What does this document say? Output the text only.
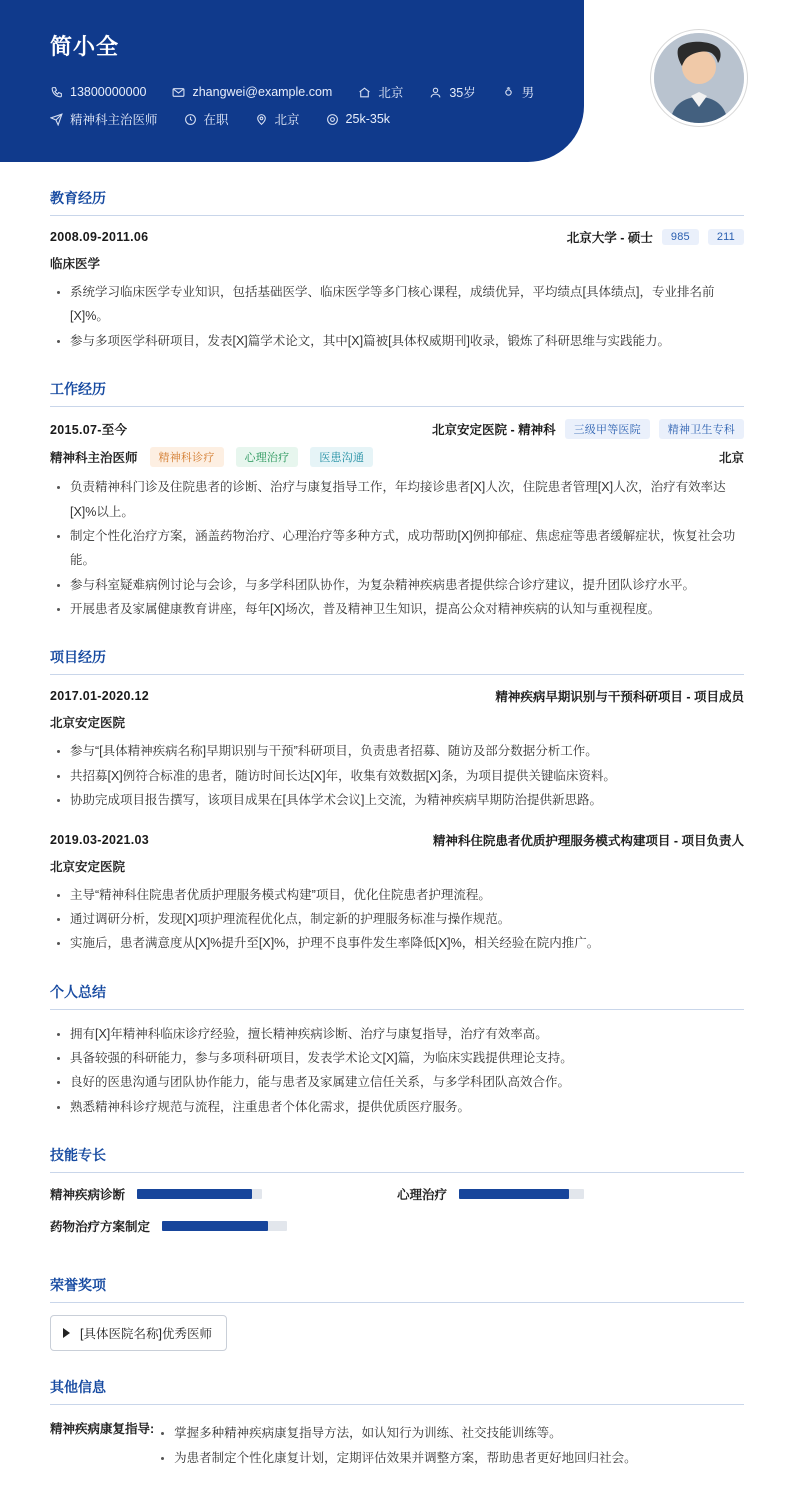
简小全
13800000000	zhangwei@example.com	北京	35岁	男
精神科主治医师	在职	北京	25k-35k
教育经历
2008.09-2011.06	北京大学 - 硕士	985	211
临床医学
系统学习临床医学专业知识，包括基础医学、临床医学等多门核心课程，成绩优异，平均绩点[具体绩点]，专业排名前[X]%。
参与多项医学科研项目，发表[X]篇学术论文，其中[X]篇被[具体权威期刊]收录，锻炼了科研思维与实践能力。
工作经历
2015.07-至今	北京安定医院 - 精神科	三级甲等医院	精神卫生专科
精神科主治医师	精神科诊疗	心理治疗	医患沟通	北京
负责精神科门诊及住院患者的诊断、治疗与康复指导工作，年均接诊患者[X]人次，住院患者管理[X]人次，治疗有效率达[X]%以上。
制定个性化治疗方案，涵盖药物治疗、心理治疗等多种方式，成功帮助[X]例抑郁症、焦虑症等患者缓解症状，恢复社会功能。
参与科室疑难病例讨论与会诊，与多学科团队协作，为复杂精神疾病患者提供综合诊疗建议，提升团队诊疗水平。
开展患者及家属健康教育讲座，每年[X]场次，普及精神卫生知识，提高公众对精神疾病的认知与重视程度。
项目经历
2017.01-2020.12	精神疾病早期识别与干预科研项目 - 项目成员
北京安定医院
参与“[具体精神疾病名称]早期识别与干预”科研项目，负责患者招募、随访及部分数据分析工作。
共招募[X]例符合标准的患者，随访时间长达[X]年，收集有效数据[X]条，为项目提供关键临床资料。
协助完成项目报告撰写，该项目成果在[具体学术会议]上交流，为精神疾病早期防治提供新思路。
2019.03-2021.03	精神科住院患者优质护理服务模式构建项目 - 项目负责人
北京安定医院
主导“精神科住院患者优质护理服务模式构建”项目，优化住院患者护理流程。
通过调研分析，发现[X]项护理流程优化点，制定新的护理服务标准与操作规范。
实施后，患者满意度从[X]%提升至[X]%，护理不良事件发生率降低[X]%，相关经验在院内推广。
个人总结
拥有[X]年精神科临床诊疗经验，擅长精神疾病诊断、治疗与康复指导，治疗有效率高。
具备较强的科研能力，参与多项科研项目，发表学术论文[X]篇，为临床实践提供理论支持。
良好的医患沟通与团队协作能力，能与患者及家属建立信任关系，与多学科团队高效合作。
熟悉精神科诊疗规范与流程，注重患者个体化需求，提供优质医疗服务。
技能专长
精神疾病诊断	心理治疗
药物治疗方案制定
荣誉奖项
[具体医院名称]优秀医师
其他信息
精神疾病康复指导:	掌握多种精神疾病康复指导方法，如认知行为训练、社交技能训练等。
为患者制定个性化康复计划，定期评估效果并调整方案，帮助患者更好地回归社会。
